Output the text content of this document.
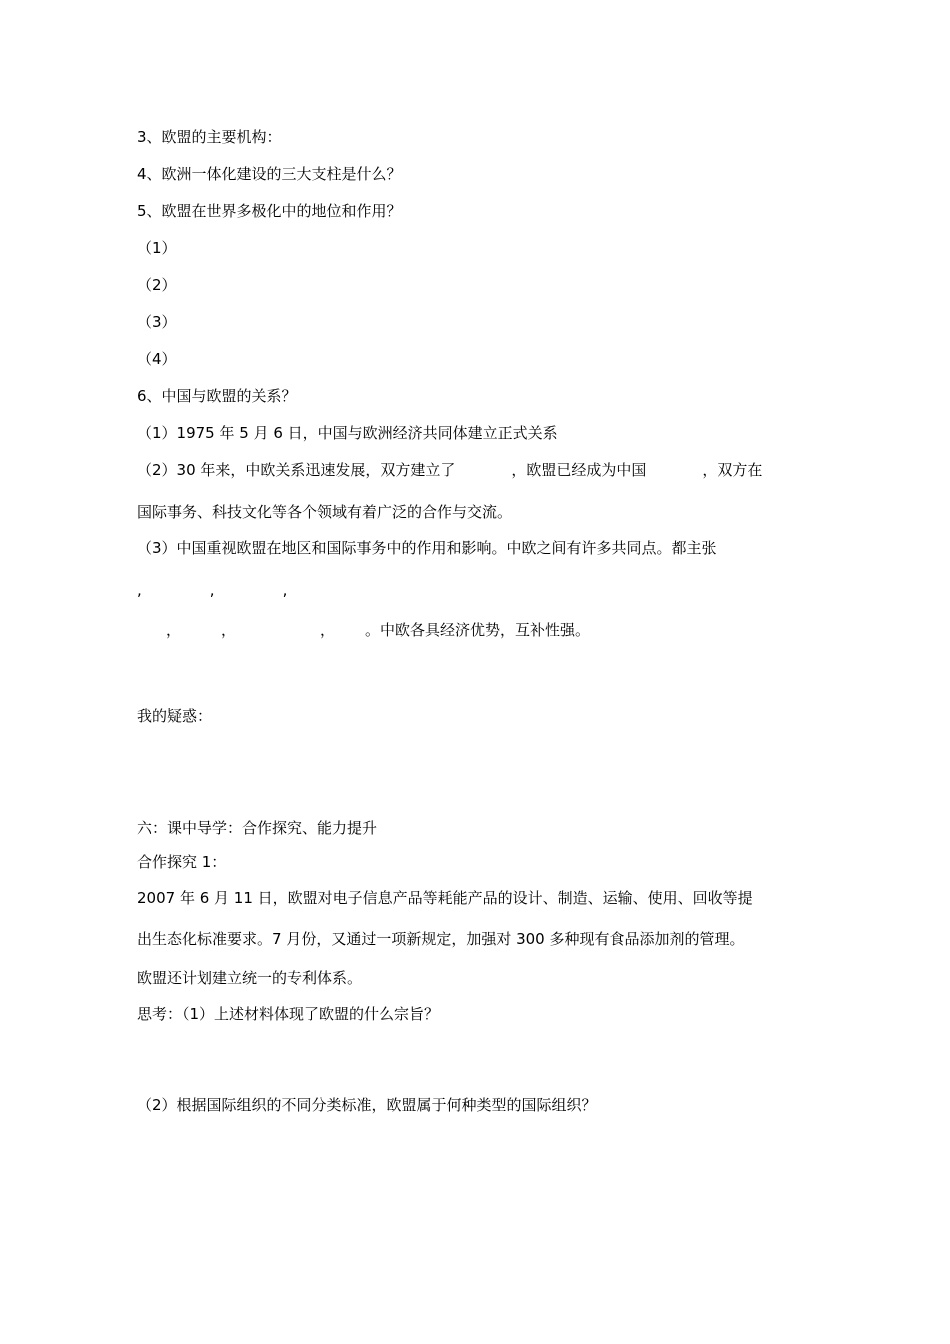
3、欧盟的主要机构：
4、欧洲一体化建设的三大支柱是什么？
5、欧盟在世界多极化中的地位和作用？
（1）
（2）
（3）
（4）
6、中国与欧盟的关系？
（1）1975 年 5 月 6 日，中国与欧洲经济共同体建立正式关系
（2）30 年来，中欧关系迅速发展，双方建立了	，欧盟已经成为中国	，双方在
国际事务、科技文化等各个领域有着广泛的合作与交流。
（3）中国重视欧盟在地区和国际事务中的作用和影响。中欧之间有许多共同点。都主张
,	,	,
，	，	， 。中欧各具经济优势，互补性强。
我的疑惑：
六：课中导学：合作探究、能力提升
合作探究 1：
2007 年 6 月 11 日，欧盟对电子信息产品等耗能产品的设计、制造、运输、使用、回收等提
出生态化标准要求。7 月份，又通过一项新规定，加强对 300 多种现有食品添加剂的管理。
欧盟还计划建立统一的专利体系。
思考：（1）上述材料体现了欧盟的什么宗旨？
（2）根据国际组织的不同分类标准，欧盟属于何种类型的国际组织？
